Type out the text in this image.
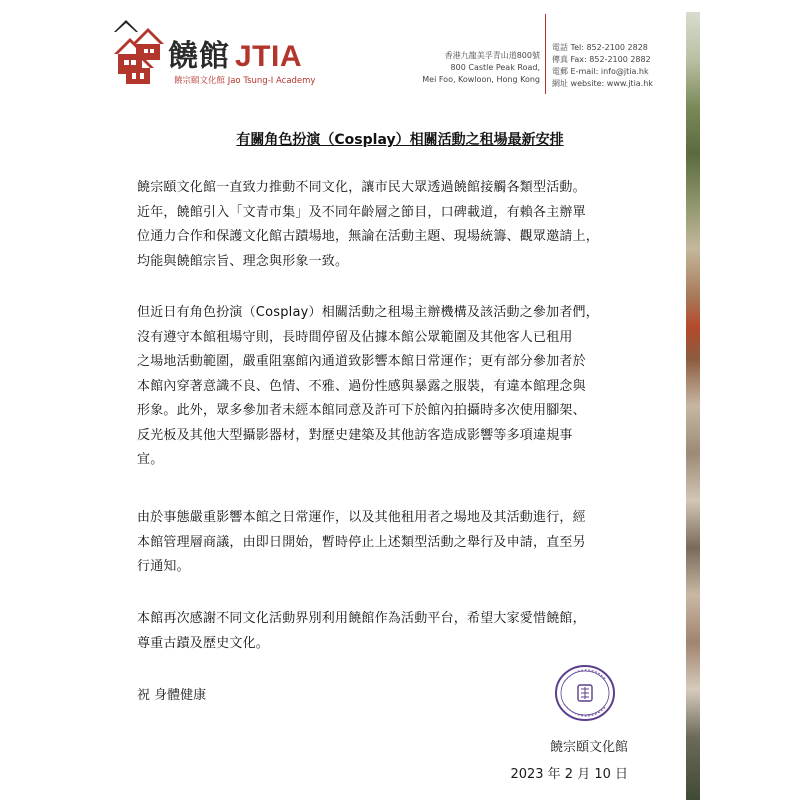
饒館 JTIA
饒宗頤文化館 Jao Tsung-I Academy
香港九龍美孚青山道800號
800 Castle Peak Road,
Mei Foo, Kowloon, Hong Kong
電話 Tel: 852-2100 2828
傳真 Fax: 852-2100 2882
電郵 E-mail: info@jtia.hk
網址 website: www.jtia.hk
有關角色扮演（Cosplay）相關活動之租場最新安排
饒宗頤文化館一直致力推動不同文化，讓市民大眾透過饒館接觸各類型活動。
近年，饒館引入「文青市集」及不同年齡層之節目，口碑載道，有賴各主辦單
位通力合作和保護文化館古蹟場地，無論在活動主題、現場統籌、觀眾邀請上，
均能與饒館宗旨、理念與形象一致。
但近日有角色扮演（Cosplay）相關活動之租場主辦機構及該活動之參加者們，
沒有遵守本館租場守則，長時間停留及佔據本館公眾範圍及其他客人已租用
之場地活動範圍，嚴重阻塞館內通道致影響本館日常運作；更有部分參加者於
本館內穿著意識不良、色情、不雅、過份性感與暴露之服裝，有違本館理念與
形象。此外，眾多參加者未經本館同意及許可下於館內拍攝時多次使用腳架、
反光板及其他大型攝影器材，對歷史建築及其他訪客造成影響等多項違規事
宜。
由於事態嚴重影響本館之日常運作，以及其他租用者之場地及其活動進行，經
本館管理層商議，由即日開始，暫時停止上述類型活動之舉行及申請，直至另
行通知。
本館再次感謝不同文化活動界別利用饒館作為活動平台，希望大家愛惜饒館，
尊重古蹟及歷史文化。
祝 身體健康
饒宗頤文化館
2023 年 2 月 10 日
